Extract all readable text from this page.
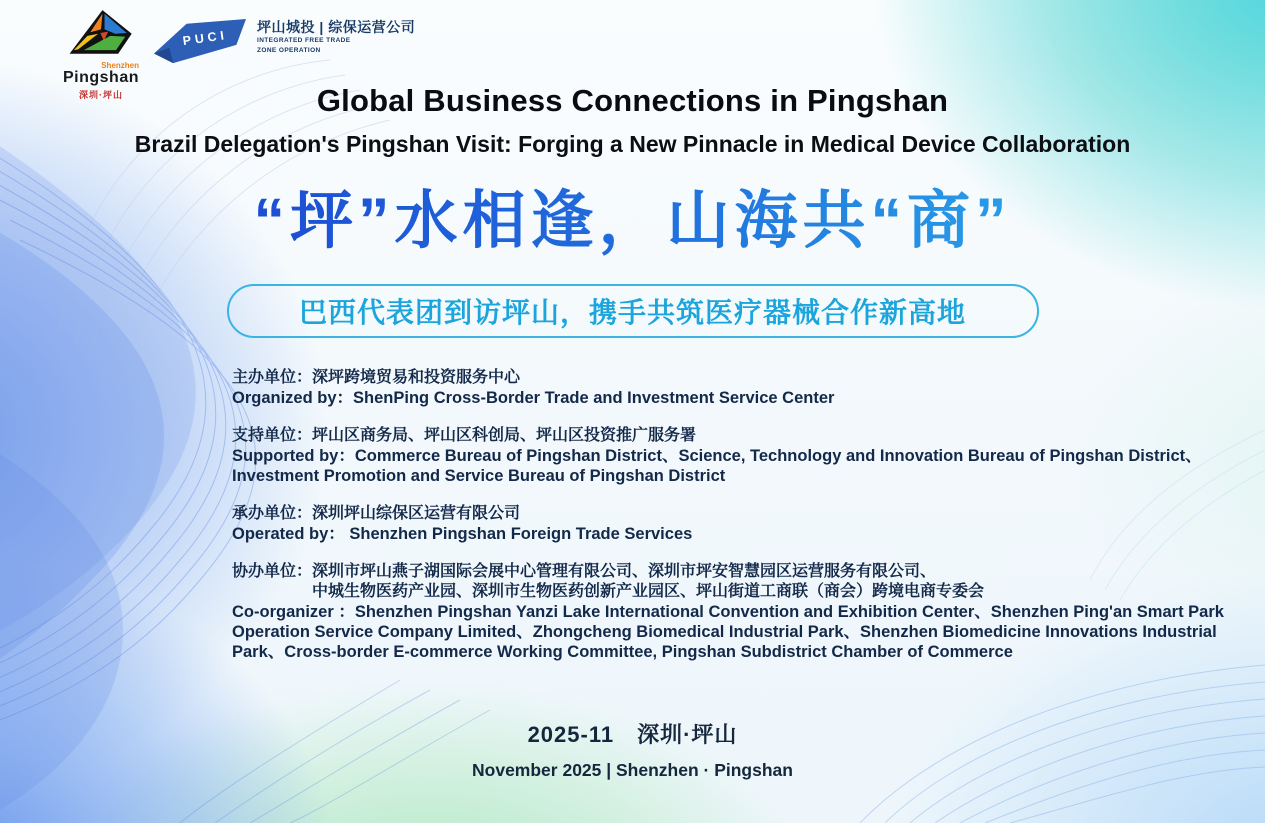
Shenzhen
Pingshan
深圳·坪山
PUCI
坪山城投 | 综保运营公司
INTEGRATED FREE TRADE
ZONE OPERATION
Global Business Connections in Pingshan
Brazil Delegation's Pingshan Visit: Forging a New Pinnacle in Medical Device Collaboration
“坪”水相逢，山海共“商”
巴西代表团到访坪山，携手共筑医疗器械合作新高地
主办单位：深坪跨境贸易和投资服务中心
Organized by：ShenPing Cross-Border Trade and Investment Service Center
支持单位：坪山区商务局、坪山区科创局、坪山区投资推广服务署
Supported by：Commerce Bureau of Pingshan District、Science, Technology and Innovation Bureau of Pingshan District、Investment Promotion and Service Bureau of Pingshan District
承办单位：深圳坪山综保区运营有限公司
Operated by： Shenzhen Pingshan Foreign Trade Services
协办单位：深圳市坪山燕子湖国际会展中心管理有限公司、深圳市坪安智慧园区运营服务有限公司、
　　　　　中城生物医药产业园、深圳市生物医药创新产业园区、坪山街道工商联（商会）跨境电商专委会
Co-organizer ：Shenzhen Pingshan Yanzi Lake International Convention and Exhibition Center、Shenzhen Ping'an Smart Park Operation Service Company Limited、Zhongcheng Biomedical Industrial Park、Shenzhen Biomedicine Innovations Industrial Park、Cross-border E-commerce Working Committee, Pingshan Subdistrict Chamber of Commerce
2025-11　深圳·坪山
November 2025 | Shenzhen · Pingshan
